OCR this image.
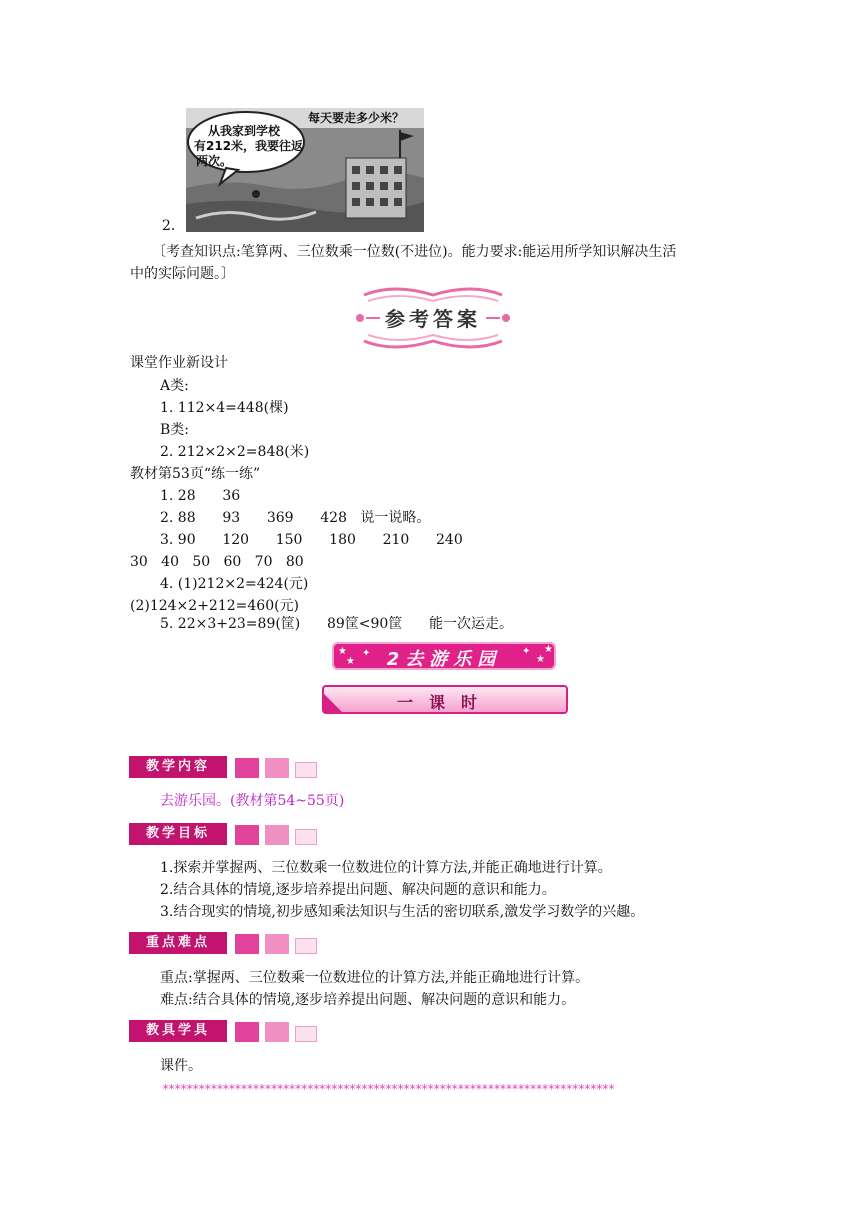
每天要走多少米？
从我家到学校
有212米，我要往返
两次。
2.
〔考查知识点:笔算两、三位数乘一位数(不进位)。能力要求:能运用所学知识解决生活
中的实际问题。〕
参考答案
课堂作业新设计
A类:
1. 112×4=448(棵)
B类:
2. 212×2×2=848(米)
教材第53页“练一练”
1. 28      36
2. 88      93      369      428   说一说略。
3. 90      120      150      180      210      240
30   40   50   60   70   80
4. (1)212×2=424(元)
(2)124×2+212=460(元)
5. 22×3+23=89(筐)      89筐<90筐      能一次运走。
★
★
✦	✦
★
★
2去游乐园
一课时
教学内容
去游乐园。(教材第54~55页)
教学目标
1.探索并掌握两、三位数乘一位数进位的计算方法,并能正确地进行计算。
2.结合具体的情境,逐步培养提出问题、解决问题的意识和能力。
3.结合现实的情境,初步感知乘法知识与生活的密切联系,激发学习数学的兴趣。
重点难点
重点:掌握两、三位数乘一位数进位的计算方法,并能正确地进行计算。
难点:结合具体的情境,逐步培养提出问题、解决问题的意识和能力。
教具学具
课件。
***************************************************************************
